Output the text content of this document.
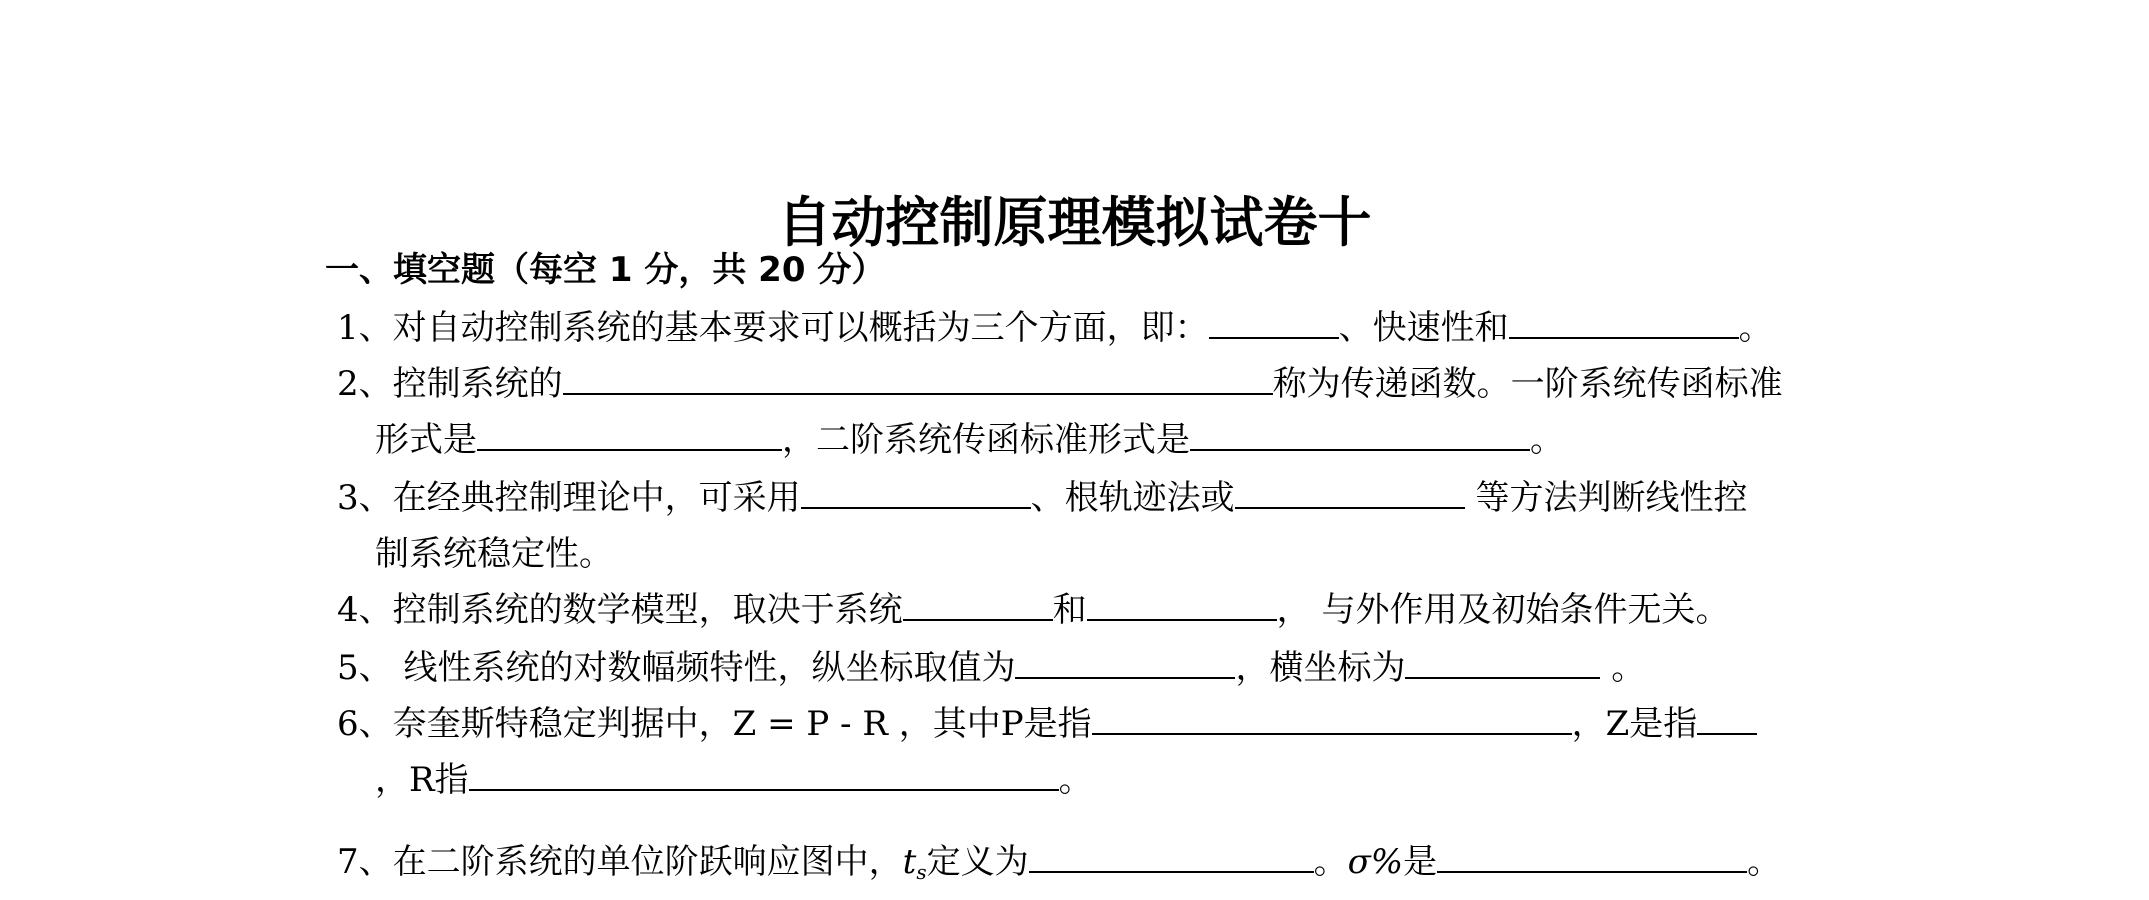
自动控制原理模拟试卷十
一、填空题（每空 1 分，共 20 分）
1、对自动控制系统的基本要求可以概括为三个方面，即：	、快速性和	。
2、控制系统的	称为传递函数。一阶系统传函标准
形式是	，二阶系统传函标准形式是	。
3、在经典控制理论中，可采用	、根轨迹法或	等方法判断线性控
制系统稳定性。
4、控制系统的数学模型，取决于系统	和	， 与外作用及初始条件无关。
5、 线性系统的对数幅频特性，纵坐标取值为	，横坐标为	。
6、奈奎斯特稳定判据中，Z = P - R ，其中P是指	，Z是指
，R指	。
7、在二阶系统的单位阶跃响应图中，$t_s$定义为	。σ%是	。
